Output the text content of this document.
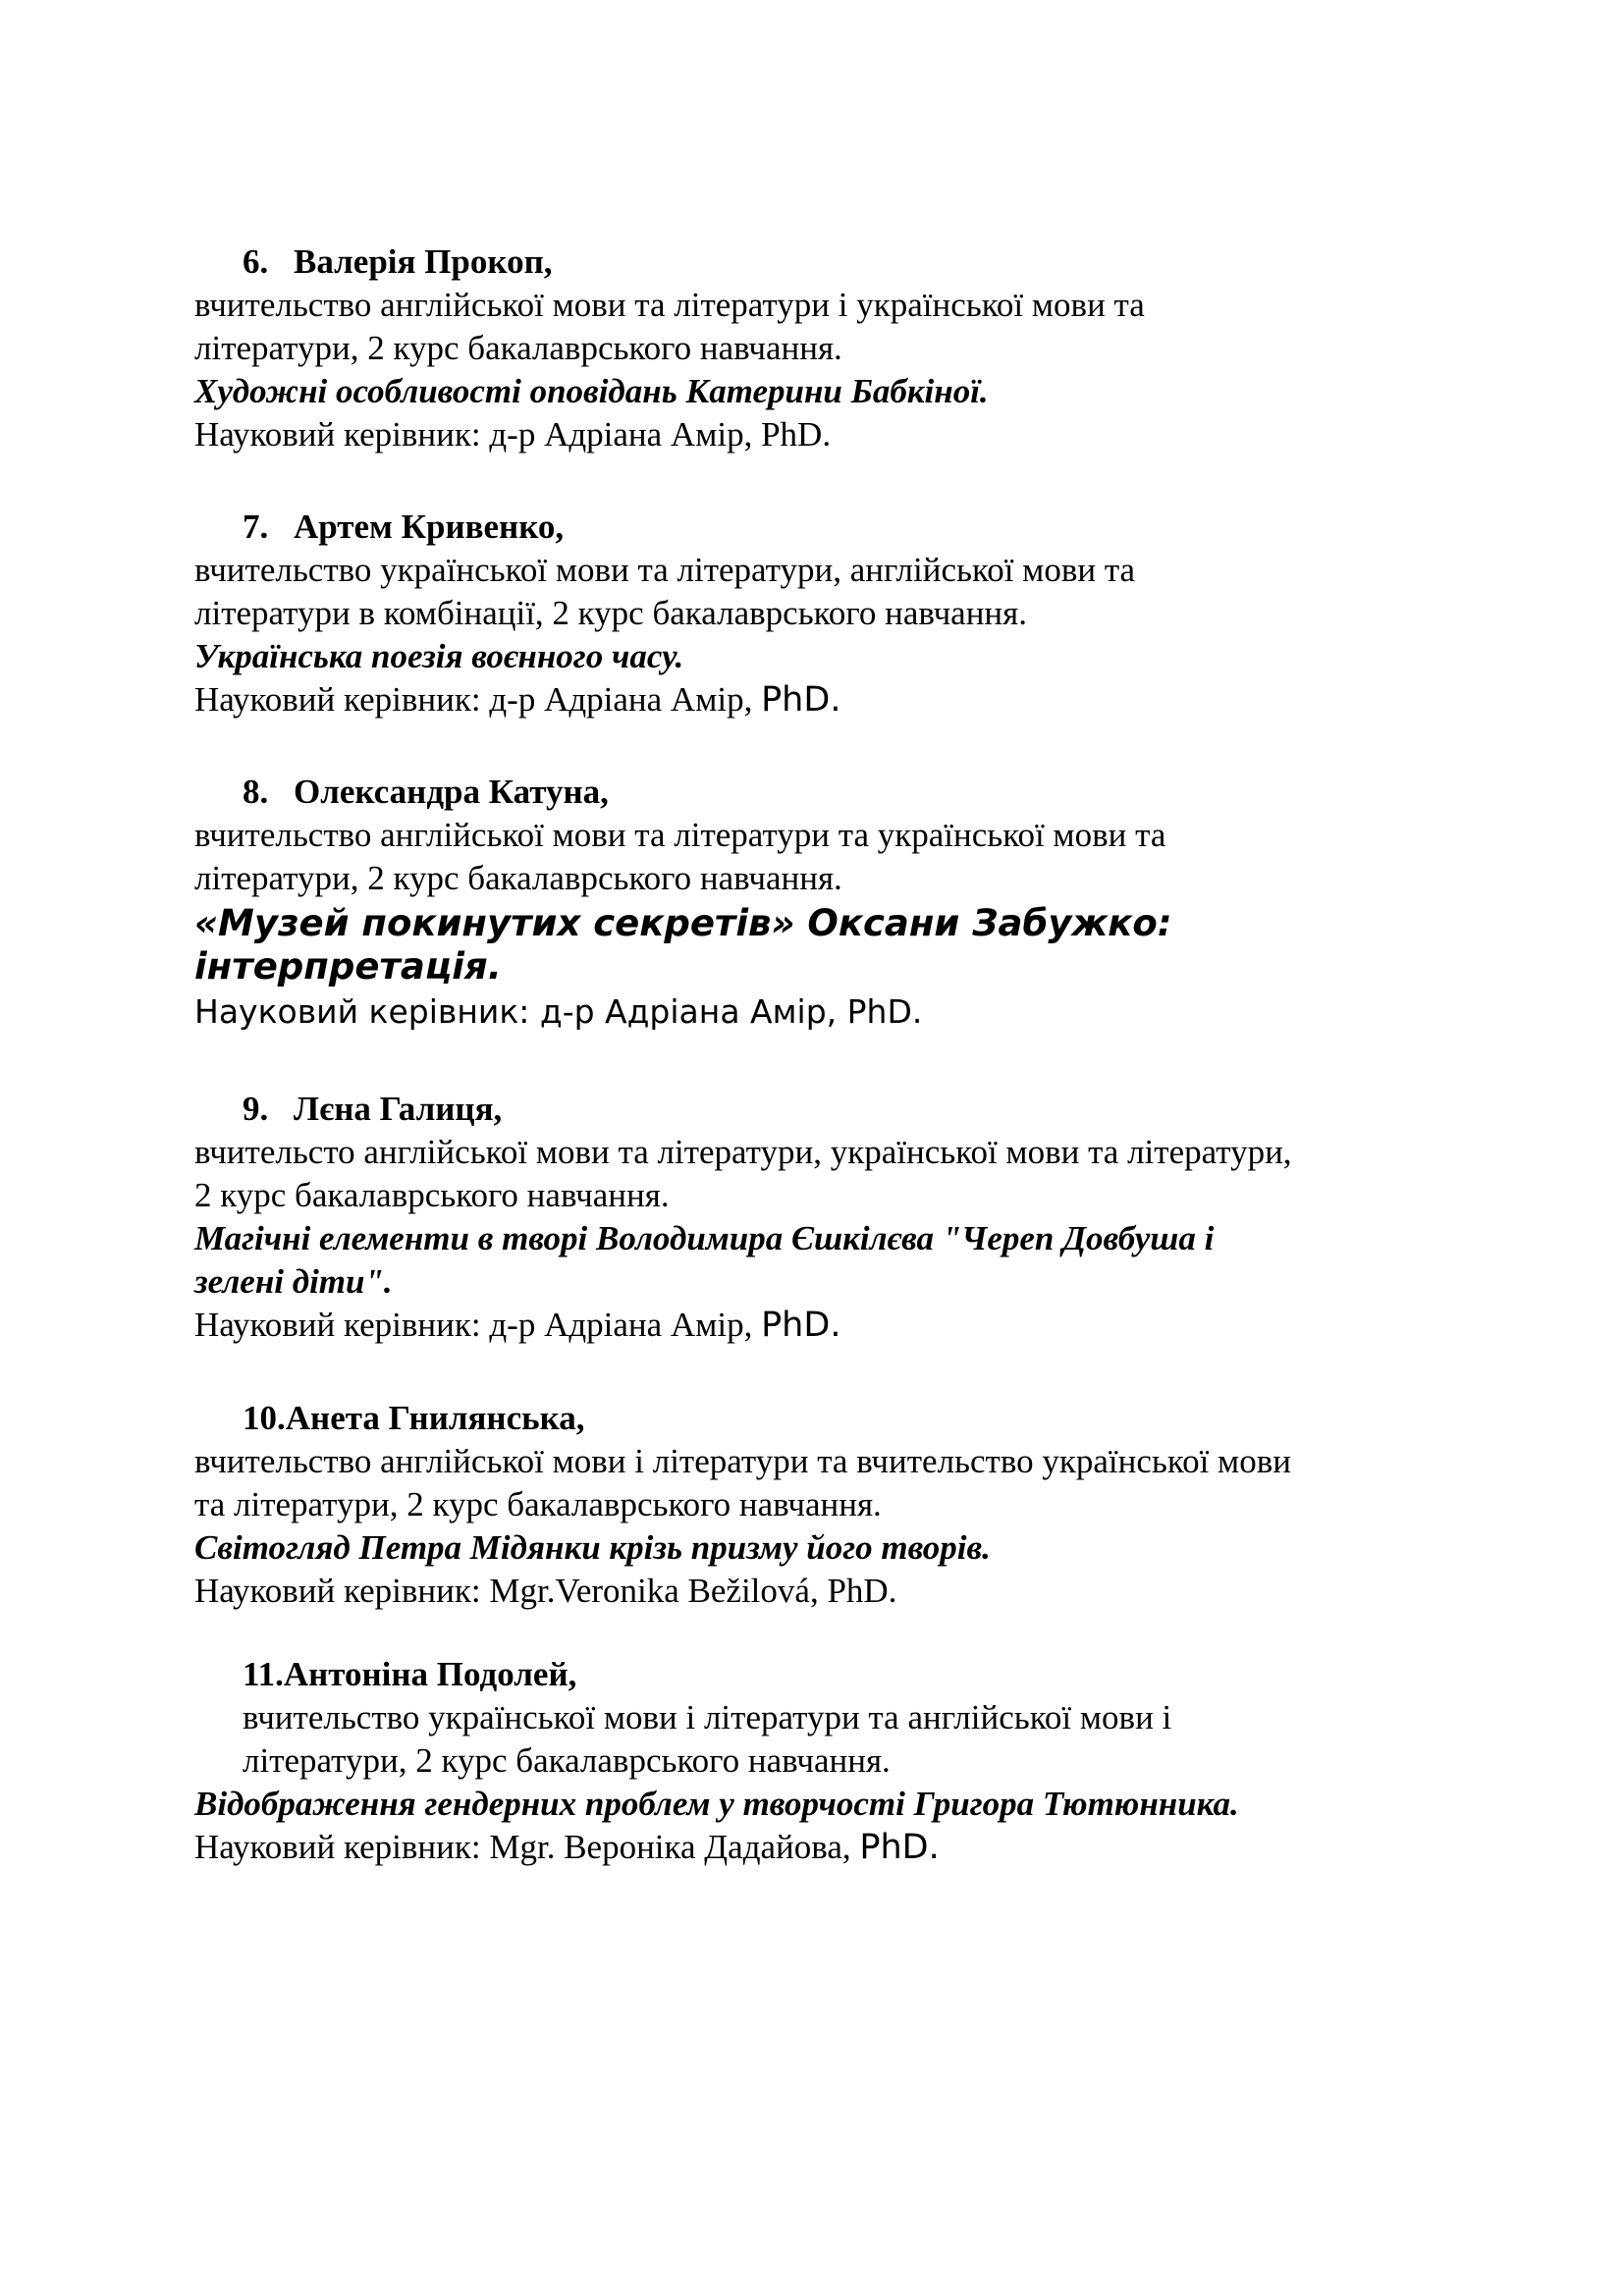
6. Валерія Прокоп,
вчительство англійської мови та літератури і української мови та
літератури, 2 курс бакалаврського навчання.
Художні особливості оповідань Катерини Бабкіної.
Науковий керівник: д-р Адріана Амір, PhD.
7. Артем Кривенко,
вчительство української мови та літератури, англійської мови та
літератури в комбінації, 2 курс бакалаврського навчання.
Українська поезія воєнного часу.
Науковий керівник: д-р Адріана Амір, PhD.
8. Олександра Катуна,
вчительство англійської мови та літератури та української мови та
літератури, 2 курс бакалаврського навчання.
«Музей покинутих секретів» Оксани Забужко:
інтерпретація.
Науковий керівник: д-р Адріана Амір, PhD.
9. Лєна Галиця,
вчительсто англійської мови та літератури, української мови та літератури,
2 курс бакалаврського навчання.
Магічні елементи в творі Володимира Єшкілєва "Череп Довбуша і
зелені діти".
Науковий керівник: д-р Адріана Амір, PhD.
10.Анета Гнилянська,
вчительство англійської мови і літератури та вчительство української мови
та літератури, 2 курс бакалаврського навчання.
Світогляд Петра Мідянки крізь призму його творів.
Науковий керівник: Mgr.Veronika Bežilová, PhD.
11.Антоніна Подолей,
вчительство української мови і літератури та англійської мови і
літератури, 2 курс бакалаврського навчання.
Відображення гендерних проблем у творчості Григора Тютюнника.
Науковий керівник: Mgr. Вероніка Дадайова, PhD.
